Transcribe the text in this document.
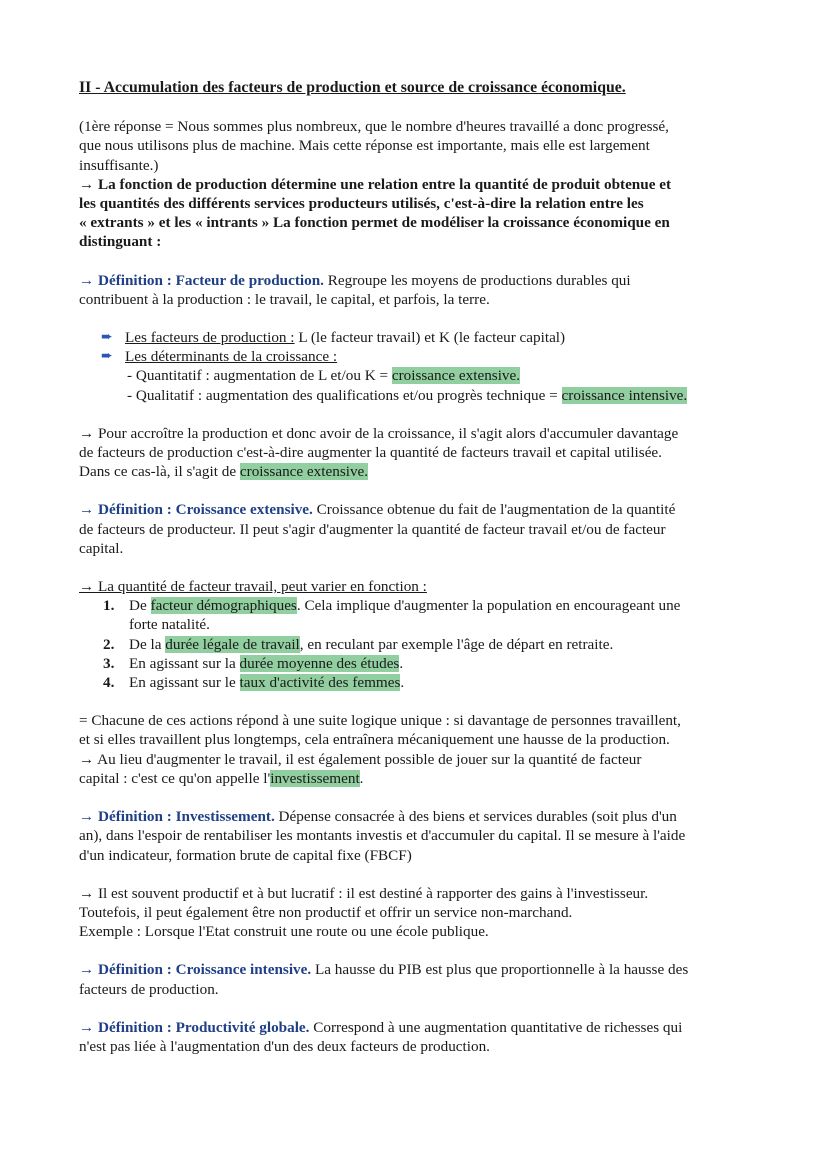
II - Accumulation des facteurs de production et source de croissance économique.

(1ère réponse = Nous sommes plus nombreux, que le nombre d'heures travaillé a donc progressé,

que nous utilisons plus de machine. Mais cette réponse est importante, mais elle est largement

insuffisante.)

→ La fonction de production détermine une relation entre la quantité de produit obtenue et

les quantités des différents services producteurs utilisés, c'est-à-dire la relation entre les

« extrants » et les « intrants » La fonction permet de modéliser la croissance économique en

distinguant :

→ Définition : Facteur de production. Regroupe les moyens de productions durables qui

contribuent à la production : le travail, le capital, et parfois, la terre.

➨ Les facteurs de production : L (le facteur travail) et K (le facteur capital)
➨ Les déterminants de la croissance :

- Quantitatif : augmentation de L et/ou K = croissance extensive.

- Qualitatif : augmentation des qualifications et/ou progrès technique = croissance intensive.

→ Pour accroître la production et donc avoir de la croissance, il s'agit alors d'accumuler davantage

de facteurs de production c'est-à-dire augmenter la quantité de facteurs travail et capital utilisée.

Dans ce cas-là, il s'agit de croissance extensive.

→ Définition : Croissance extensive. Croissance obtenue du fait de l'augmentation de la quantité

de facteurs de producteur. Il peut s'agir d'augmenter la quantité de facteur travail et/ou de facteur

capital.

→ La quantité de facteur travail, peut varier en fonction :

1. De facteur démographiques. Cela implique d'augmenter la population en encourageant une
forte natalité.
2. De la durée légale de travail, en reculant par exemple l'âge de départ en retraite.
3. En agissant sur la durée moyenne des études.
4. En agissant sur le taux d'activité des femmes.

= Chacune de ces actions répond à une suite logique unique : si davantage de personnes travaillent,

et si elles travaillent plus longtemps, cela entraînera mécaniquement une hausse de la production.

→ Au lieu d'augmenter le travail, il est également possible de jouer sur la quantité de facteur

capital : c'est ce qu'on appelle l'investissement.

→ Définition : Investissement. Dépense consacrée à des biens et services durables (soit plus d'un

an), dans l'espoir de rentabiliser les montants investis et d'accumuler du capital. Il se mesure à l'aide

d'un indicateur, formation brute de capital fixe (FBCF)

→ Il est souvent productif et à but lucratif : il est destiné à rapporter des gains à l'investisseur.

Toutefois, il peut également être non productif et offrir un service non-marchand.

Exemple : Lorsque l'Etat construit une route ou une école publique.

→ Définition : Croissance intensive. La hausse du PIB est plus que proportionnelle à la hausse des

facteurs de production.

→ Définition : Productivité globale. Correspond à une augmentation quantitative de richesses qui

n'est pas liée à l'augmentation d'un des deux facteurs de production.
